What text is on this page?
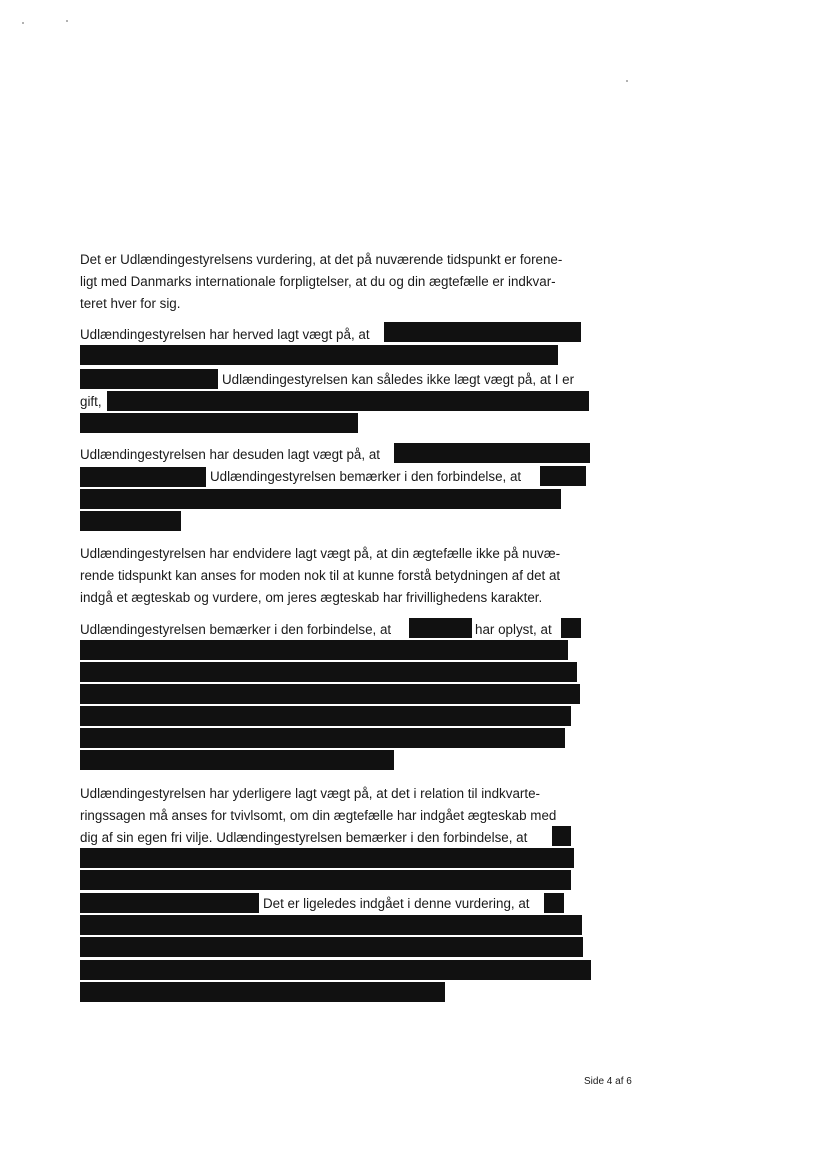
Det er Udlændingestyrelsens vurdering, at det på nuværende tidspunkt er forene-
ligt med Danmarks internationale forpligtelser, at du og din ægtefælle er indkvar-
teret hver for sig.
Udlændingestyrelsen har herved lagt vægt på, at
Udlændingestyrelsen kan således ikke lægt vægt på, at I er
gift,
Udlændingestyrelsen har desuden lagt vægt på, at
Udlændingestyrelsen bemærker i den forbindelse, at
Udlændingestyrelsen har endvidere lagt vægt på, at din ægtefælle ikke på nuvæ-
rende tidspunkt kan anses for moden nok til at kunne forstå betydningen af det at
indgå et ægteskab og vurdere, om jeres ægteskab har frivillighedens karakter.
Udlændingestyrelsen bemærker i den forbindelse, at	har oplyst, at
Udlændingestyrelsen har yderligere lagt vægt på, at det i relation til indkvarte-
ringssagen må anses for tvivlsomt, om din ægtefælle har indgået ægteskab med
dig af sin egen fri vilje. Udlændingestyrelsen bemærker i den forbindelse, at
Det er ligeledes indgået i denne vurdering, at
Side 4 af 6
